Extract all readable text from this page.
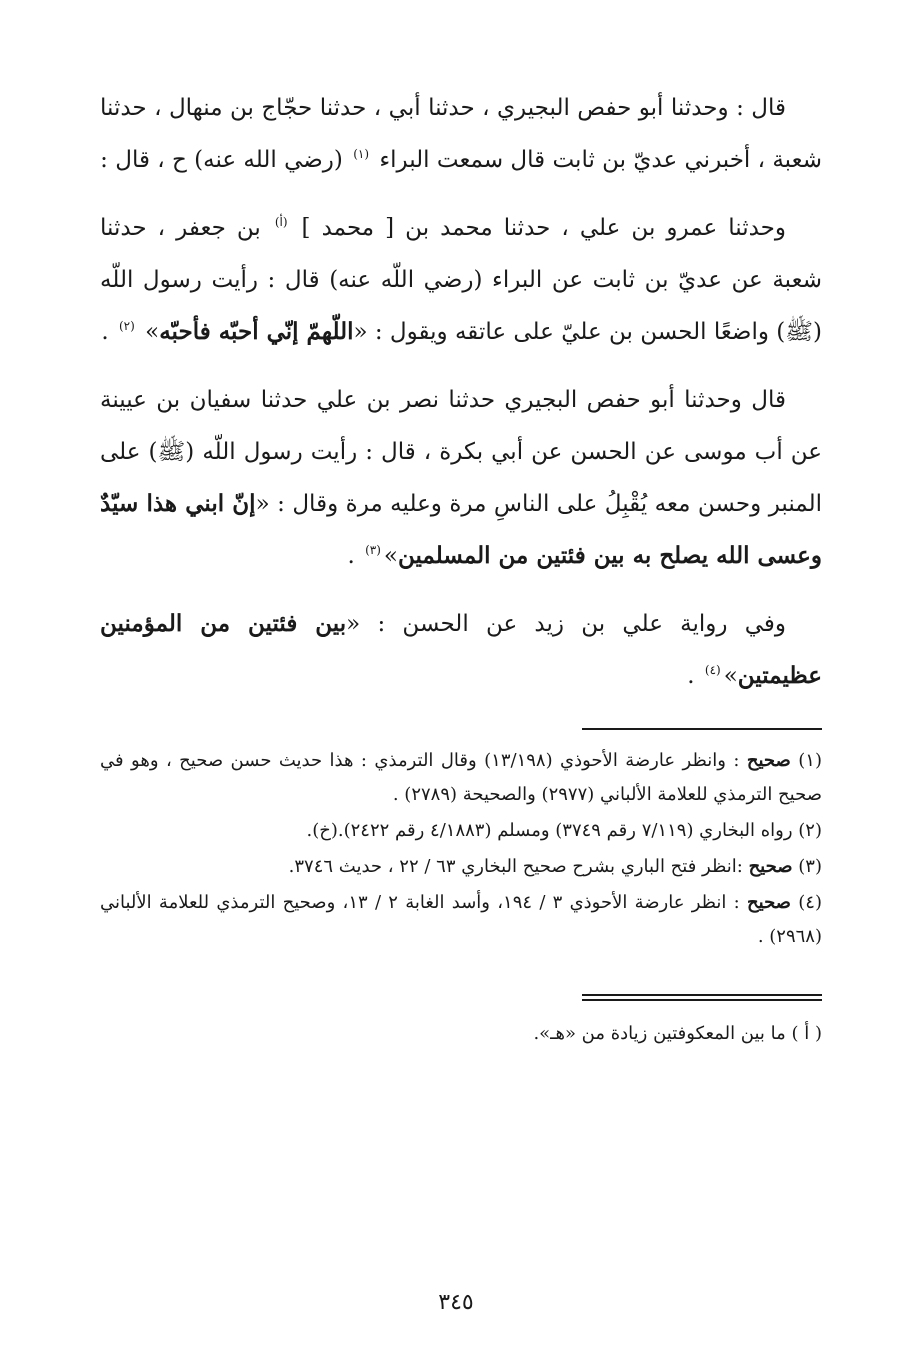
قال : وحدثنا أبو حفص البجيري ، حدثنا أبي ، حدثنا حجّاج بن منهال ، حدثنا شعبة ، أخبرني عديّ بن ثابت قال سمعت البراء $^{(١)}$ (رضي الله عنه) ح ، قال :

وحدثنا عمرو بن علي ، حدثنا محمد بن [ محمد ] $^{(أ)}$ بن جعفر ، حدثنا شعبة عن عديّ بن ثابت عن البراء (رضي اللّه عنه) قال : رأيت رسول اللّه (ﷺ) واضعًا الحسن بن عليّ على عاتقه ويقول : «اللّهمّ إنّي أحبّه فأحبّه» $^{(٢)}$ .

قال وحدثنا أبو حفص البجيري حدثنا نصر بن علي حدثنا سفيان بن عيينة عن أب موسى عن الحسن عن أبي بكرة ، قال : رأيت رسول اللّه (ﷺ) على المنبر وحسن معه يُقْبِلُ على الناسِ مرة وعليه مرة وقال : «إنّ ابني هذا سيّدٌ وعسى الله يصلح به بين فئتين من المسلمين»$^{(٣)}$ .

وفي رواية علي بن زيد عن الحسن : «بين فئتين من المؤمنين عظيمتين»$^{(٤)}$ .

(١) صحيح : وانظر عارضة الأحوذي (١٣/١٩٨) وقال الترمذي : هذا حديث حسن صحيح ، وهو في صحيح الترمذي للعلامة الألباني (٢٩٧٧) والصحيحة (٢٧٨٩) .
(٢) رواه البخاري (٧/١١٩ رقم ٣٧٤٩) ومسلم (٤/١٨٨٣ رقم ٢٤٢٢).(خ).
(٣) صحيح :انظر فتح الباري بشرح صحيح البخاري ٦٣ / ٢٢ ، حديث ٣٧٤٦.
(٤) صحيح : انظر عارضة الأحوذي ٣ / ١٩٤، وأسد الغابة ٢ / ١٣، وصحيح الترمذي للعلامة الألباني (٢٩٦٨) .
( أ ) ما بين المعكوفتين زيادة من «هـ».
٣٤٥
